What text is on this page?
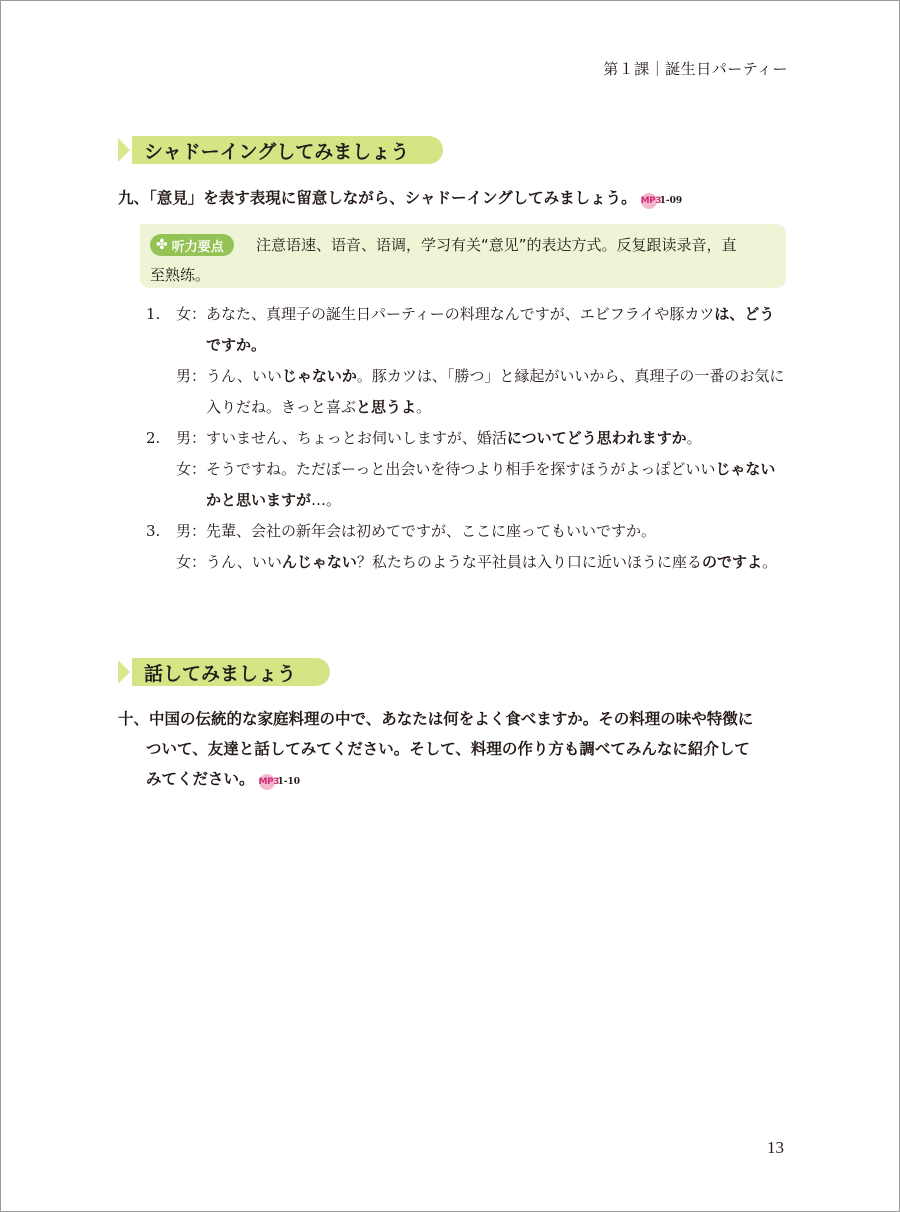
第１課｜誕生日パーティー
シャドーイングしてみましょう
九、「意見」を表す表現に留意しながら、シャドーイングしてみましょう。 MP3
1-09
✤ 听力要点 注意语速、语音、语调，学习有关“意见”的表达方式。反复跟读录音，直
至熟练。
1.	女： あなた、真理子の誕生日パーティーの料理なんですが、エビフライや豚カツは、どうですか。
男： うん、いいじゃないか。豚カツは、「勝つ」と縁起がいいから、真理子の一番のお気に入りだね。きっと喜ぶと思うよ。
2.	男： すいません、ちょっとお伺いしますが、婚活についてどう思われますか。
女： そうですね。ただぼーっと出会いを待つより相手を探すほうがよっぽどいいじゃないかと思いますが…。
3.	男： 先輩、会社の新年会は初めてですが、ここに座ってもいいですか。
女： うん、いいんじゃない？私たちのような平社員は入り口に近いほうに座るのですよ。
話してみましょう
十、中国の伝統的な家庭料理の中で、あなたは何をよく食べますか。その料理の味や特徴に
ついて、友達と話してみてください。そして、料理の作り方も調べてみんなに紹介して
みてください。 MP3
1-10
13
